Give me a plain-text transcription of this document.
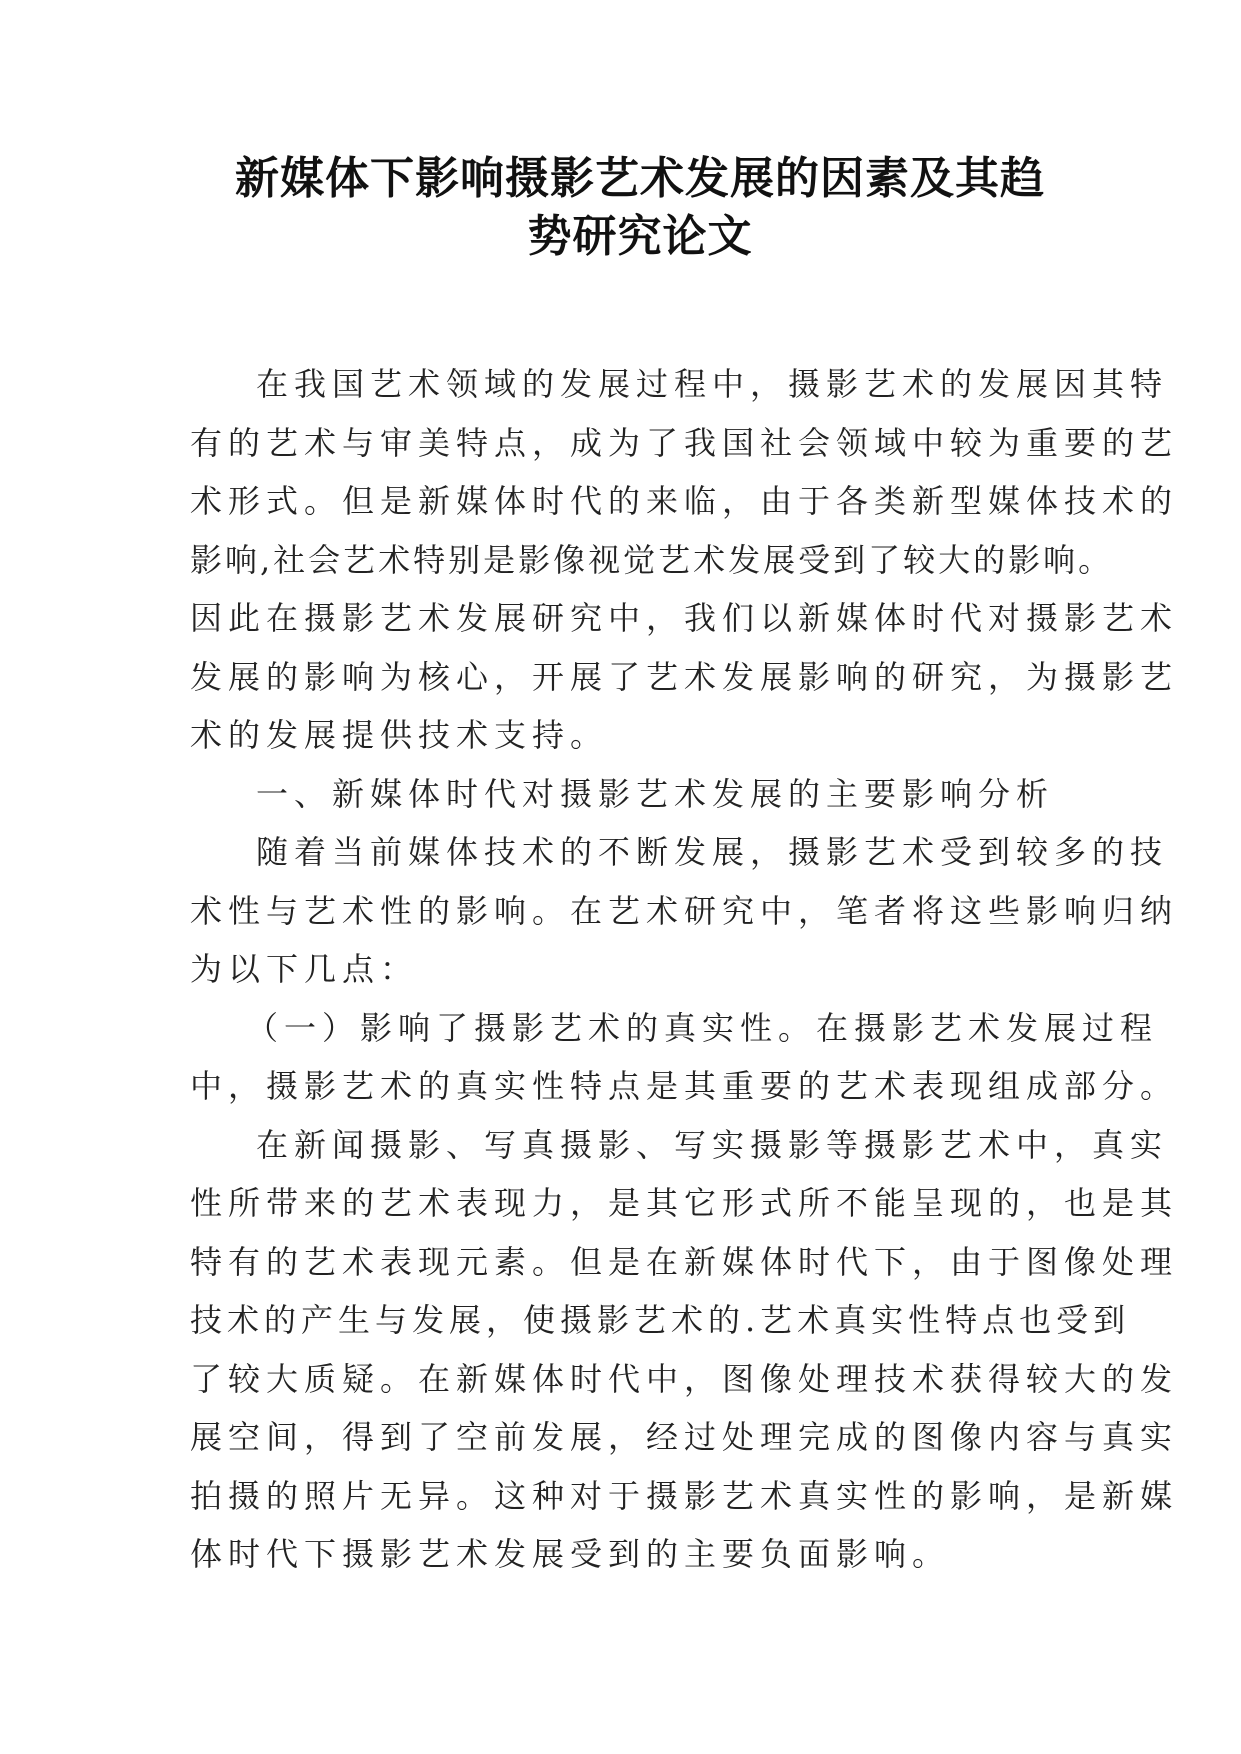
新媒体下影响摄影艺术发展的因素及其趋
势研究论文
在我国艺术领域的发展过程中，摄影艺术的发展因其特
有的艺术与审美特点，成为了我国社会领域中较为重要的艺
术形式。但是新媒体时代的来临，由于各类新型媒体技术的
影响,社会艺术特别是影像视觉艺术发展受到了较大的影响。
因此在摄影艺术发展研究中，我们以新媒体时代对摄影艺术
发展的影响为核心，开展了艺术发展影响的研究，为摄影艺
术的发展提供技术支持。
一、新媒体时代对摄影艺术发展的主要影响分析
随着当前媒体技术的不断发展，摄影艺术受到较多的技
术性与艺术性的影响。在艺术研究中，笔者将这些影响归纳
为以下几点：
（一）影响了摄影艺术的真实性。在摄影艺术发展过程
中，摄影艺术的真实性特点是其重要的艺术表现组成部分。
在新闻摄影、写真摄影、写实摄影等摄影艺术中，真实
性所带来的艺术表现力，是其它形式所不能呈现的，也是其
特有的艺术表现元素。但是在新媒体时代下，由于图像处理
技术的产生与发展，使摄影艺术的.艺术真实性特点也受到
了较大质疑。在新媒体时代中，图像处理技术获得较大的发
展空间，得到了空前发展，经过处理完成的图像内容与真实
拍摄的照片无异。这种对于摄影艺术真实性的影响，是新媒
体时代下摄影艺术发展受到的主要负面影响。
